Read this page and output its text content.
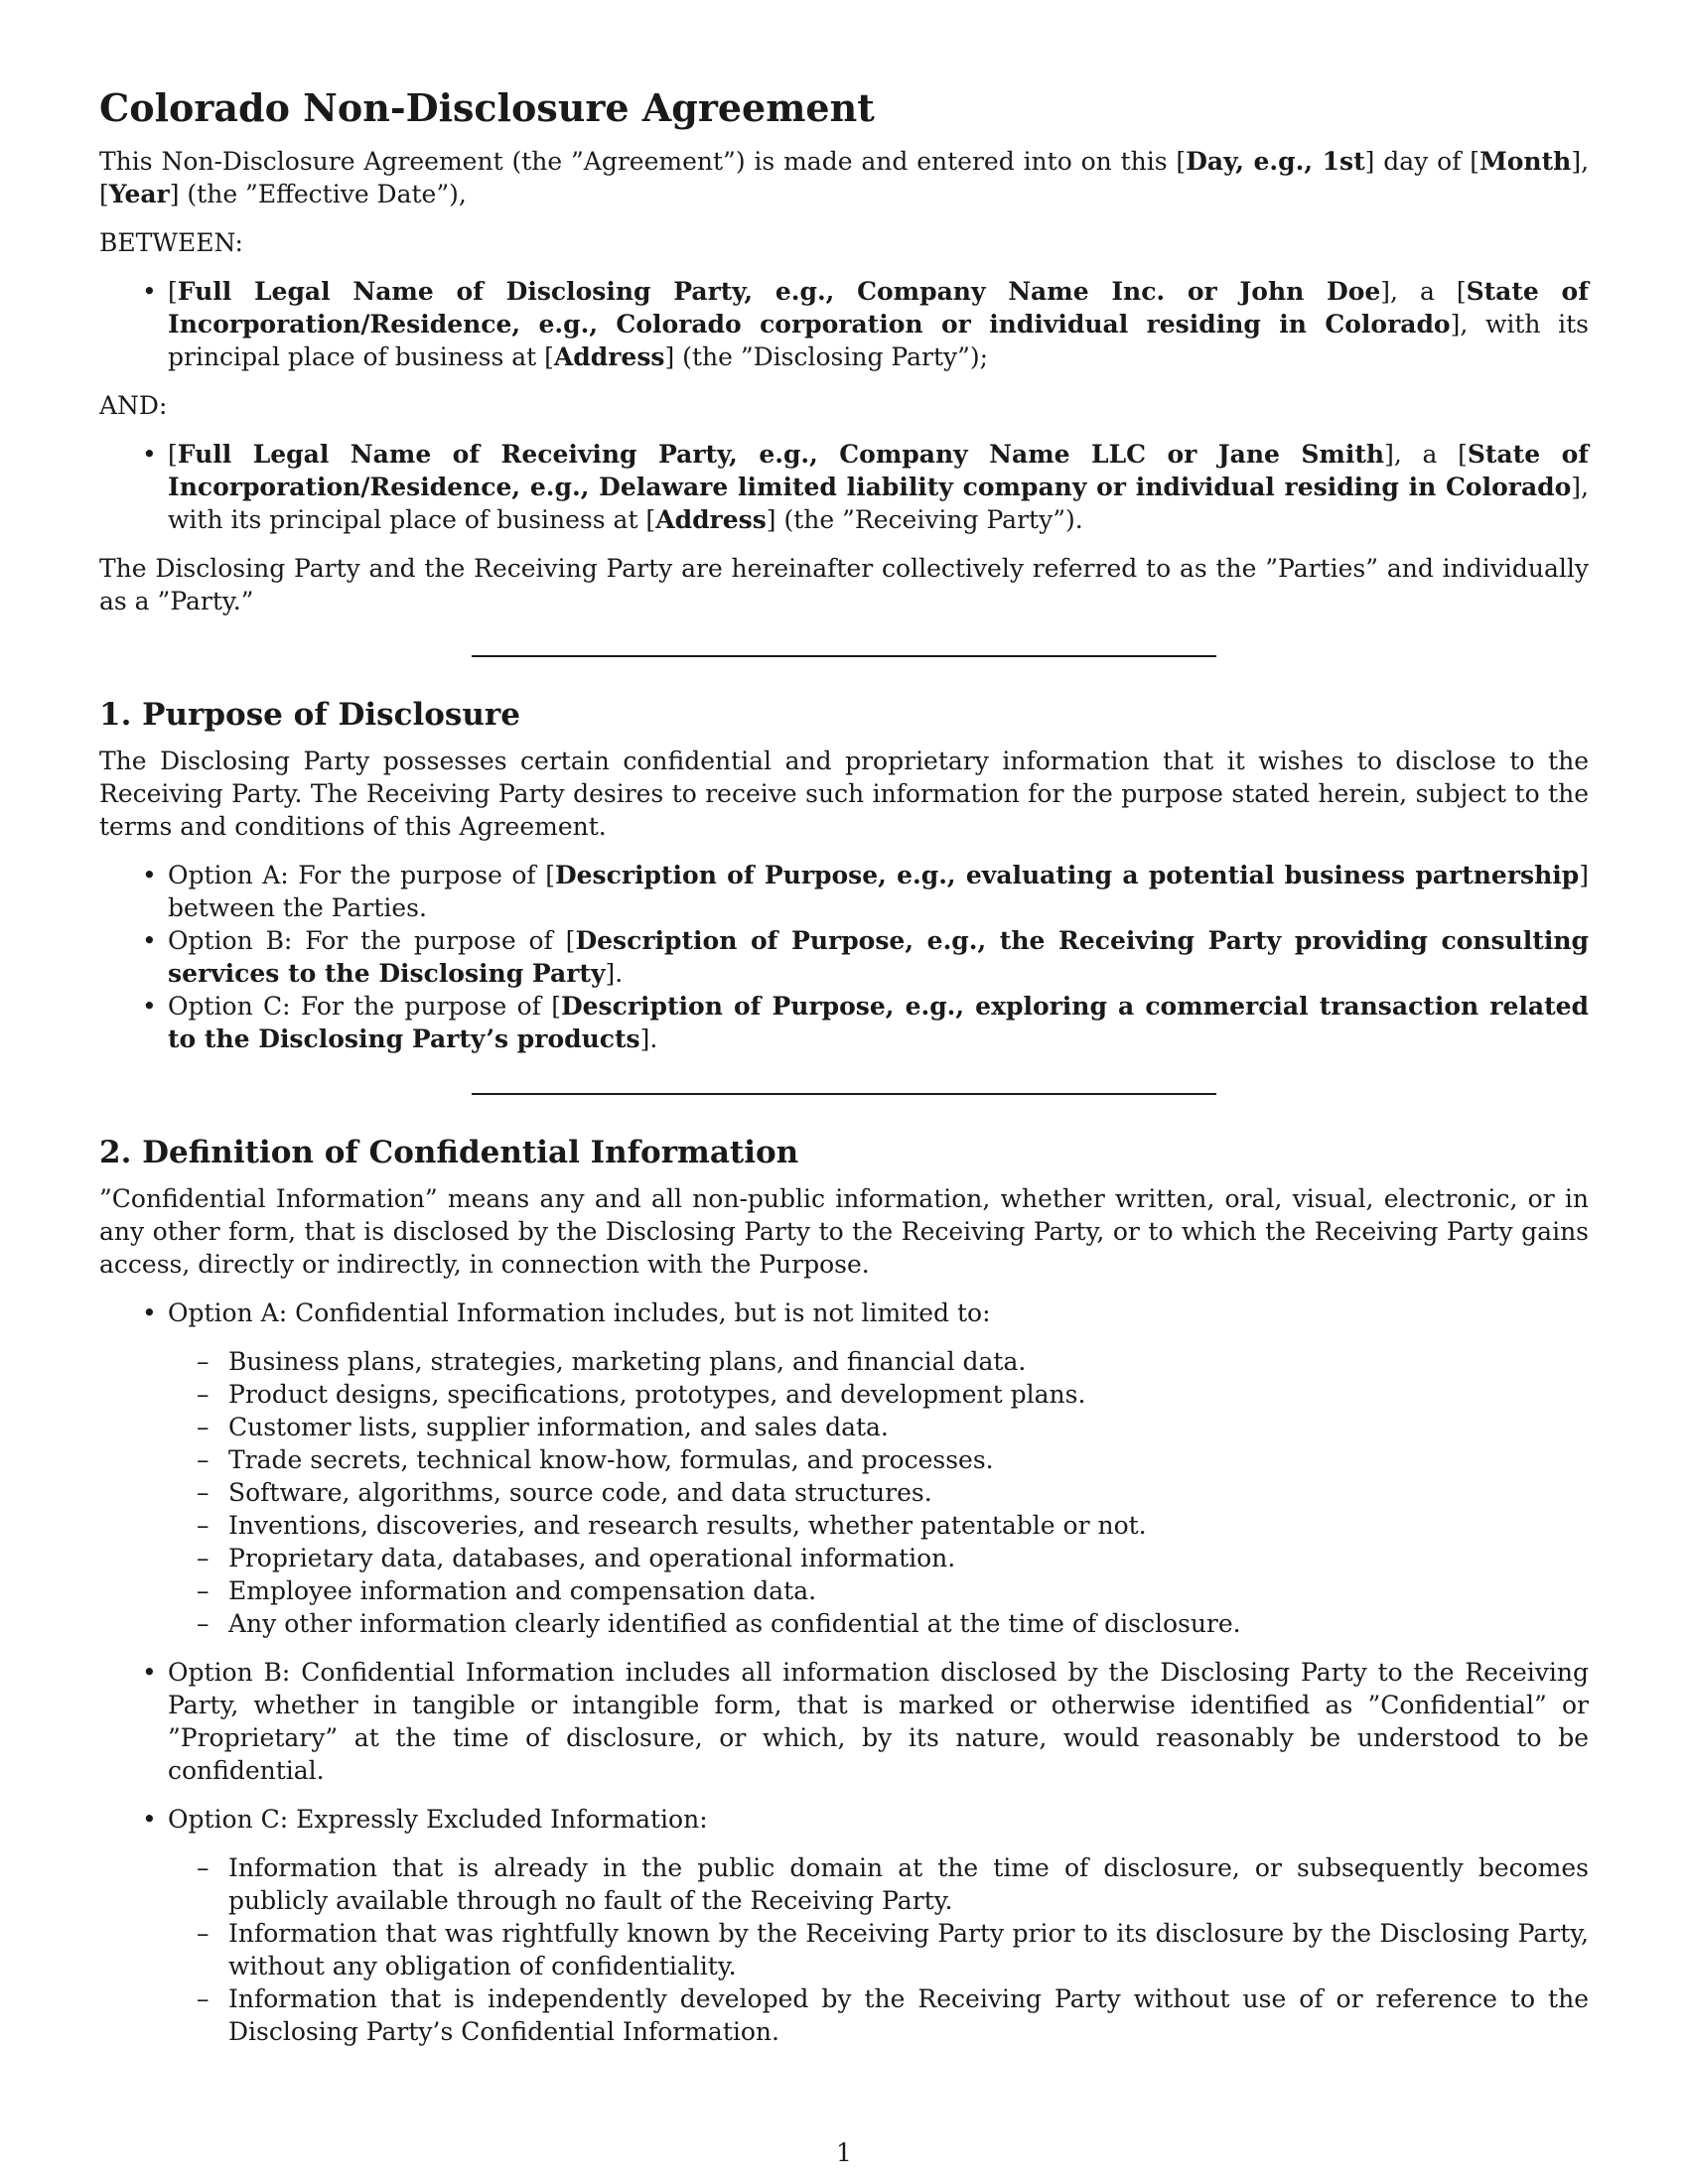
Colorado Non-Disclosure Agreement

This Non-Disclosure Agreement (the ”Agreement”) is made and entered into on this [Day, e.g., 1st] day of [Month], [Year] (the ”Effective Date”),

BETWEEN:

• [Full Legal Name of Disclosing Party, e.g., Company Name Inc. or John Doe], a [State of Incorporation/Residence, e.g., Colorado corporation or individual residing in Colorado], with its principal place of business at [Address] (the ”Disclosing Party”);

AND:

• [Full Legal Name of Receiving Party, e.g., Company Name LLC or Jane Smith], a [State of Incorporation/Residence, e.g., Delaware limited liability company or individual residing in Colorado], with its principal place of business at [Address] (the ”Receiving Party”).

The Disclosing Party and the Receiving Party are hereinafter collectively referred to as the ”Parties” and individually as a ”Party.”

1. Purpose of Disclosure

The Disclosing Party possesses certain confidential and proprietary information that it wishes to disclose to the Receiving Party. The Receiving Party desires to receive such information for the purpose stated herein, subject to the terms and conditions of this Agreement.

• Option A: For the purpose of [Description of Purpose, e.g., evaluating a potential business partnership] between the Parties.
• Option B: For the purpose of [Description of Purpose, e.g., the Receiving Party providing consulting services to the Disclosing Party].
• Option C: For the purpose of [Description of Purpose, e.g., exploring a commercial transaction related to the Disclosing Party’s products].
2. Definition of Confidential Information

”Confidential Information” means any and all non-public information, whether written, oral, visual, electronic, or in any other form, that is disclosed by the Disclosing Party to the Receiving Party, or to which the Receiving Party gains access, directly or indirectly, in connection with the Purpose.

• Option A: Confidential Information includes, but is not limited to:
– Business plans, strategies, marketing plans, and financial data.
– Product designs, specifications, prototypes, and development plans.
– Customer lists, supplier information, and sales data.
– Trade secrets, technical know-how, formulas, and processes.
– Software, algorithms, source code, and data structures.
– Inventions, discoveries, and research results, whether patentable or not.
– Proprietary data, databases, and operational information.
– Employee information and compensation data.
– Any other information clearly identified as confidential at the time of disclosure.
• Option B: Confidential Information includes all information disclosed by the Disclosing Party to the Receiving Party, whether in tangible or intangible form, that is marked or otherwise identified as ”Confidential” or ”Proprietary” at the time of disclosure, or which, by its nature, would reasonably be understood to be confidential.
• Option C: Expressly Excluded Information:
– Information that is already in the public domain at the time of disclosure, or subsequently becomes publicly available through no fault of the Receiving Party.
– Information that was rightfully known by the Receiving Party prior to its disclosure by the Disclosing Party, without any obligation of confidentiality.
– Information that is independently developed by the Receiving Party without use of or reference to the Disclosing Party’s Confidential Information.
1
